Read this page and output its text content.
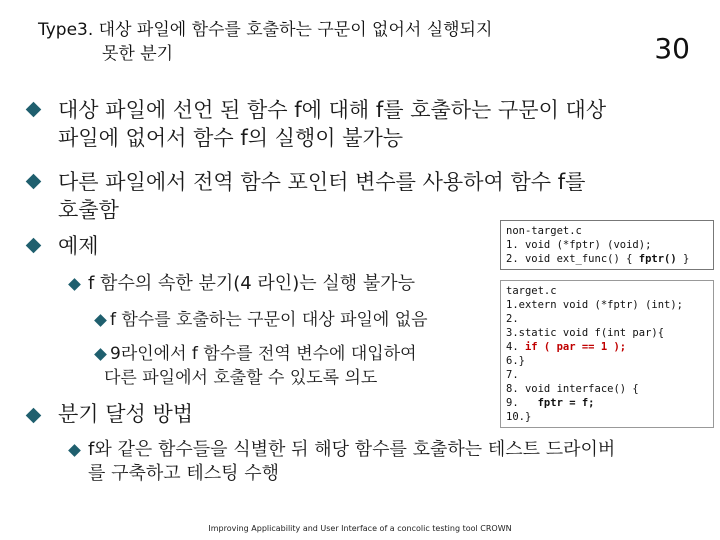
Type3. 대상 파일에 함수를 호출하는 구문이 없어서 실행되지
못한 분기	30
대상 파일에 선언 된 함수 f에 대해 f를 호출하는 구문이 대상
파일에 없어서 함수 f의 실행이 불가능
다른 파일에서 전역 함수 포인터 변수를 사용하여 함수 f를
호출함
예제
f 함수의 속한 분기(4 라인)는 실행 불가능
f 함수를 호출하는 구문이 대상 파일에 없음
9라인에서 f 함수를 전역 변수에 대입하여
다른 파일에서 호출할 수 있도록 의도
분기 달성 방법
f와 같은 함수들을 식별한 뒤 해당 함수를 호출하는 테스트 드라이버
를 구축하고 테스팅 수행
non-target.c
1. void (*fptr) (void);
2. void ext_func() { fptr() }
target.c
1.extern void (*fptr) (int);
2.
3.static void f(int par){
4. if ( par == 1 );
6.}
7.
8. void interface() {
9.   fptr = f;
10.}
Improving Applicability and User Interface of a concolic testing tool CROWN
